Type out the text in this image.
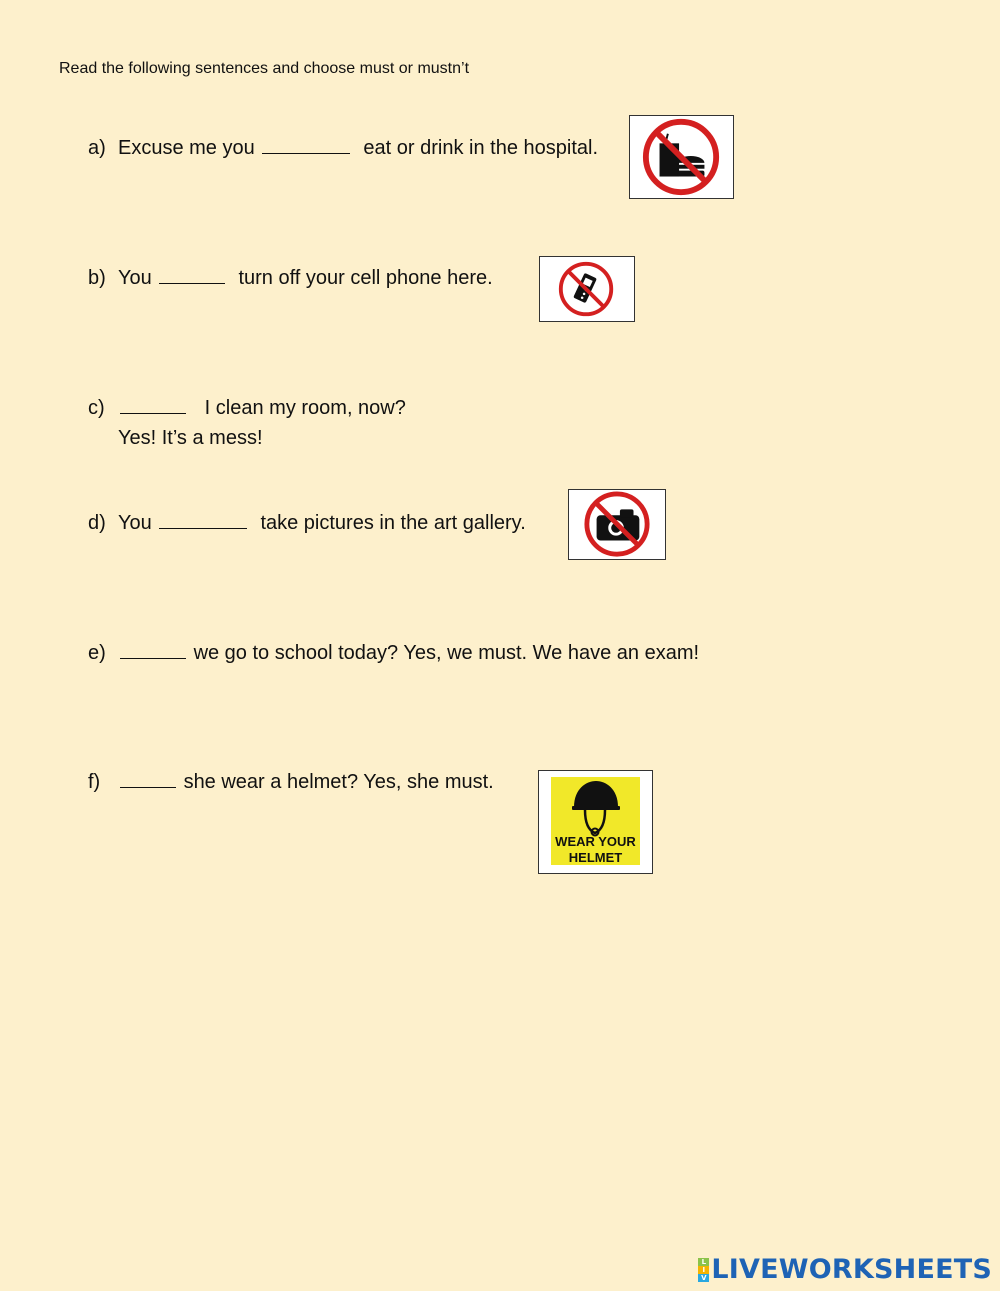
Read the following sentences and choose must or mustn’t
a) Excuse me you	eat or drink in the hospital.
b) You	turn off your cell phone here.
c)	I clean my room, now?
Yes! It’s a mess!
d) You	take pictures in the art gallery.
e)	we go to school today? Yes, we must. We have an exam!
f)	she wear a helmet? Yes, she must.
WEAR YOUR
HELMET
L
I
V LIVEWORKSHEETS
